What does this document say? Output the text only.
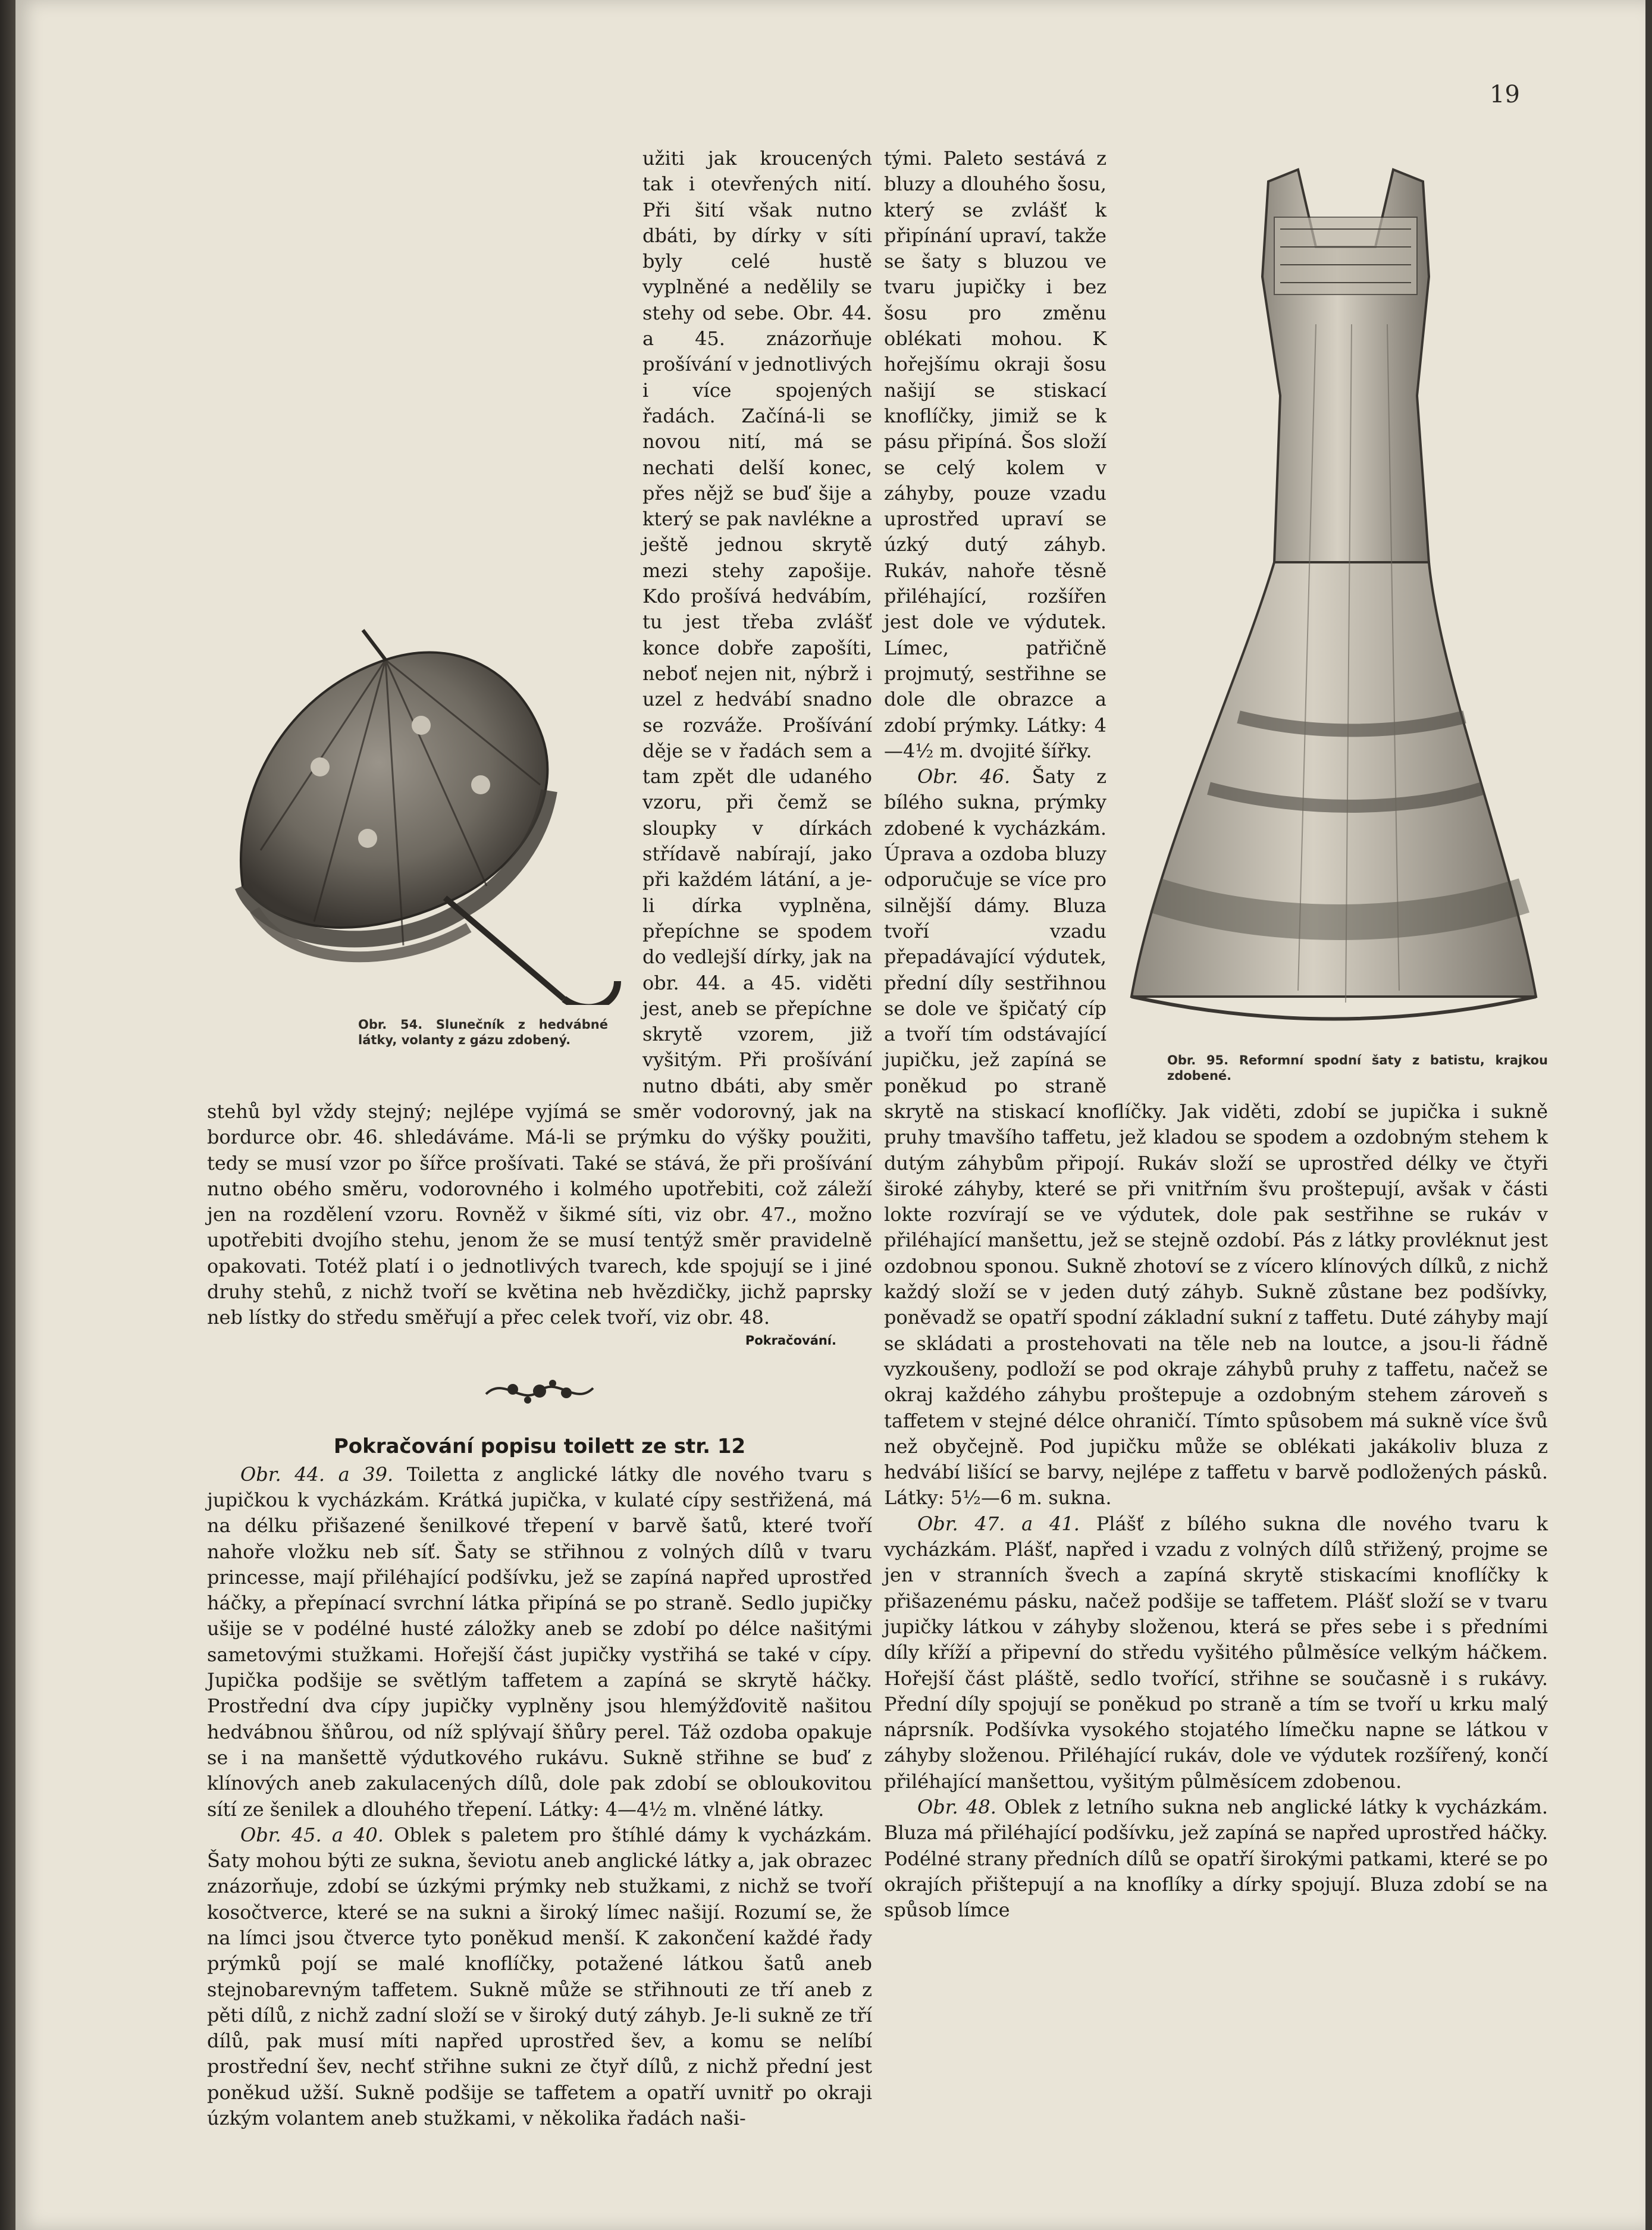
19
Obr. 54. Slunečník z hedvábné látky, volanty z gázu zdobený.
užiti jak kroucených tak i otevřených nití. Při šití však nutno dbáti, by dírky v síti byly celé hustě vyplněné a nedělily se stehy od sebe. Obr. 44. a 45. znázorňuje prošívání v jednotlivých i více spojených řadách. Začíná-li se novou nití, má se nechati delší konec, přes nějž se buď šije a který se pak navlékne a ještě jednou skrytě mezi stehy zapošije. Kdo prošívá hedvábím, tu jest třeba zvlášť konce dobře zapošíti, neboť nejen nit, nýbrž i uzel z hedvábí snadno se rozváže. Prošívání děje se v řadách sem a tam zpět dle udaného vzoru, při čemž se sloupky v dírkách střídavě nabírají, jako při každém látání, a je-li dírka vyplněna, přepíchne se spodem do vedlejší dírky, jak na obr. 44. a 45. viděti jest, aneb se přepíchne skrytě vzorem, již vyšitým. Při prošívání nutno dbáti, aby směr stehů byl vždy stejný; nejlépe vyjímá se směr vodorovný, jak na bordurce obr. 46. shledáváme. Má-li se prýmku do výšky použiti, tedy se musí vzor po šířce prošívati. Také se stává, že při prošívání nutno obého směru, vodorovného i kolmého upotřebiti, což záleží jen na rozdělení vzoru. Rovněž v šikmé síti, viz obr. 47., možno upotřebiti dvojího stehu, jenom že se musí tentýž směr pravidelně opakovati. Totéž platí i o jednotlivých tvarech, kde spojují se i jiné druhy stehů, z nichž tvoří se květina neb hvězdičky, jichž paprsky neb lístky do středu směřují a přec celek tvoří, viz obr. 48.
Pokračování.
Pokračování popisu toilett ze str. 12

Obr. 44. a 39. Toiletta z anglické látky dle nového tvaru s jupičkou k vycházkám. Krátká jupička, v kulaté cípy sestřižená, má na délku přišazené šenilkové třepení v barvě šatů, které tvoří nahoře vložku neb síť. Šaty se střihnou z volných dílů v tvaru princesse, mají přiléhající podšívku, jež se zapíná napřed uprostřed háčky, a přepínací svrchní látka připíná se po straně. Sedlo jupičky ušije se v podélné husté záložky aneb se zdobí po délce našitými sametovými stužkami. Hořejší část jupičky vystřihá se také v cípy. Jupička podšije se světlým taffetem a zapíná se skrytě háčky. Prostřední dva cípy jupičky vyplněny jsou hlemýžďovitě našitou hedvábnou šňůrou, od níž splývají šňůry perel. Táž ozdoba opakuje se i na manšettě výdutkového rukávu. Sukně střihne se buď z klínových aneb zakulacených dílů, dole pak zdobí se obloukovitou sítí ze šenilek a dlouhého třepení. Látky: 4—4½ m. vlněné látky.

Obr. 45. a 40. Oblek s paletem pro štíhlé dámy k vycházkám. Šaty mohou býti ze sukna, ševiotu aneb anglické látky a, jak obrazec znázorňuje, zdobí se úzkými prýmky neb stužkami, z nichž se tvoří kosočtverce, které se na sukni a široký límec našijí. Rozumí se, že na límci jsou čtverce tyto poněkud menší. K zakončení každé řady prýmků pojí se malé knoflíčky, potažené látkou šatů aneb stejnobarevným taffetem. Sukně může se střihnouti ze tří aneb z pěti dílů, z nichž zadní složí se v široký dutý záhyb. Je-li sukně ze tří dílů, pak musí míti napřed uprostřed šev, a komu se nelíbí prostřední šev, nechť střihne sukni ze čtyř dílů, z nichž přední jest poněkud užší. Sukně podšije se taffetem a opatří uvnitř po okraji úzkým volantem aneb stužkami, v několika řadách naši-

Obr. 95. Reformní spodní šaty z batistu, krajkou zdobené.
tými. Paleto sestává z bluzy a dlouhého šosu, který se zvlášť k připínání upraví, takže se šaty s bluzou ve tvaru jupičky i bez šosu pro změnu oblékati mohou. K hořejšímu okraji šosu našijí se stiskací knoflíčky, jimiž se k pásu připíná. Šos složí se celý kolem v záhyby, pouze vzadu uprostřed upraví se úzký dutý záhyb. Rukáv, nahoře těsně přiléhající, rozšířen jest dole ve výdutek. Límec, patřičně projmutý, sestřihne se dole dle obrazce a zdobí prýmky. Látky: 4—4½ m. dvojité šířky.
Obr. 46. Šaty z bílého sukna, prýmky zdobené k vycházkám. Úprava a ozdoba bluzy odporučuje se více pro silnější dámy. Bluza tvoří vzadu přepadávající výdutek, přední díly sestřihnou se dole ve špičatý cíp a tvoří tím odstávající jupičku, jež zapíná se poněkud po straně skrytě na stiskací knoflíčky. Jak viděti, zdobí se jupička i sukně pruhy tmavšího taffetu, jež kladou se spodem a ozdobným stehem k dutým záhybům připojí. Rukáv složí se uprostřed délky ve čtyři široké záhyby, které se při vnitřním švu proštepují, avšak v části lokte rozvírají se ve výdutek, dole pak sestřihne se rukáv v přiléhající manšettu, jež se stejně ozdobí. Pás z látky provléknut jest ozdobnou sponou. Sukně zhotoví se z vícero klínových dílků, z nichž každý složí se v jeden dutý záhyb. Sukně zůstane bez podšívky, poněvadž se opatří spodní základní sukní z taffetu. Duté záhyby mají se skládati a prostehovati na těle neb na loutce, a jsou-li řádně vyzkoušeny, podloží se pod okraje záhybů pruhy z taffetu, načež se okraj každého záhybu proštepuje a ozdobným stehem zároveň s taffetem v stejné délce ohraničí. Tímto spůsobem má sukně více švů než obyčejně. Pod jupičku může se oblékati jakákoliv bluza z hedvábí lišící se barvy, nejlépe z taffetu v barvě podložených pásků. Látky: 5½—6 m. sukna.

Obr. 47. a 41. Plášť z bílého sukna dle nového tvaru k vycházkám. Plášť, napřed i vzadu z volných dílů střižený, projme se jen v stranních švech a zapíná skrytě stiskacími knoflíčky k přišazenému pásku, načež podšije se taffetem. Plášť složí se v tvaru jupičky látkou v záhyby složenou, která se přes sebe i s předními díly kříží a připevní do středu vyšitého půlměsíce velkým háčkem. Hořejší část pláště, sedlo tvořící, střihne se současně i s rukávy. Přední díly spojují se poněkud po straně a tím se tvoří u krku malý náprsník. Podšívka vysokého stojatého límečku napne se látkou v záhyby složenou. Přiléhající rukáv, dole ve výdutek rozšířený, končí přiléhající manšettou, vyšitým půlměsícem zdobenou.

Obr. 48. Oblek z letního sukna neb anglické látky k vycházkám. Bluza má přiléhající podšívku, jež zapíná se napřed uprostřed háčky. Podélné strany předních dílů se opatří širokými patkami, které se po okrajích přištepují a na knoflíky a dírky spojují. Bluza zdobí se na spůsob límce
